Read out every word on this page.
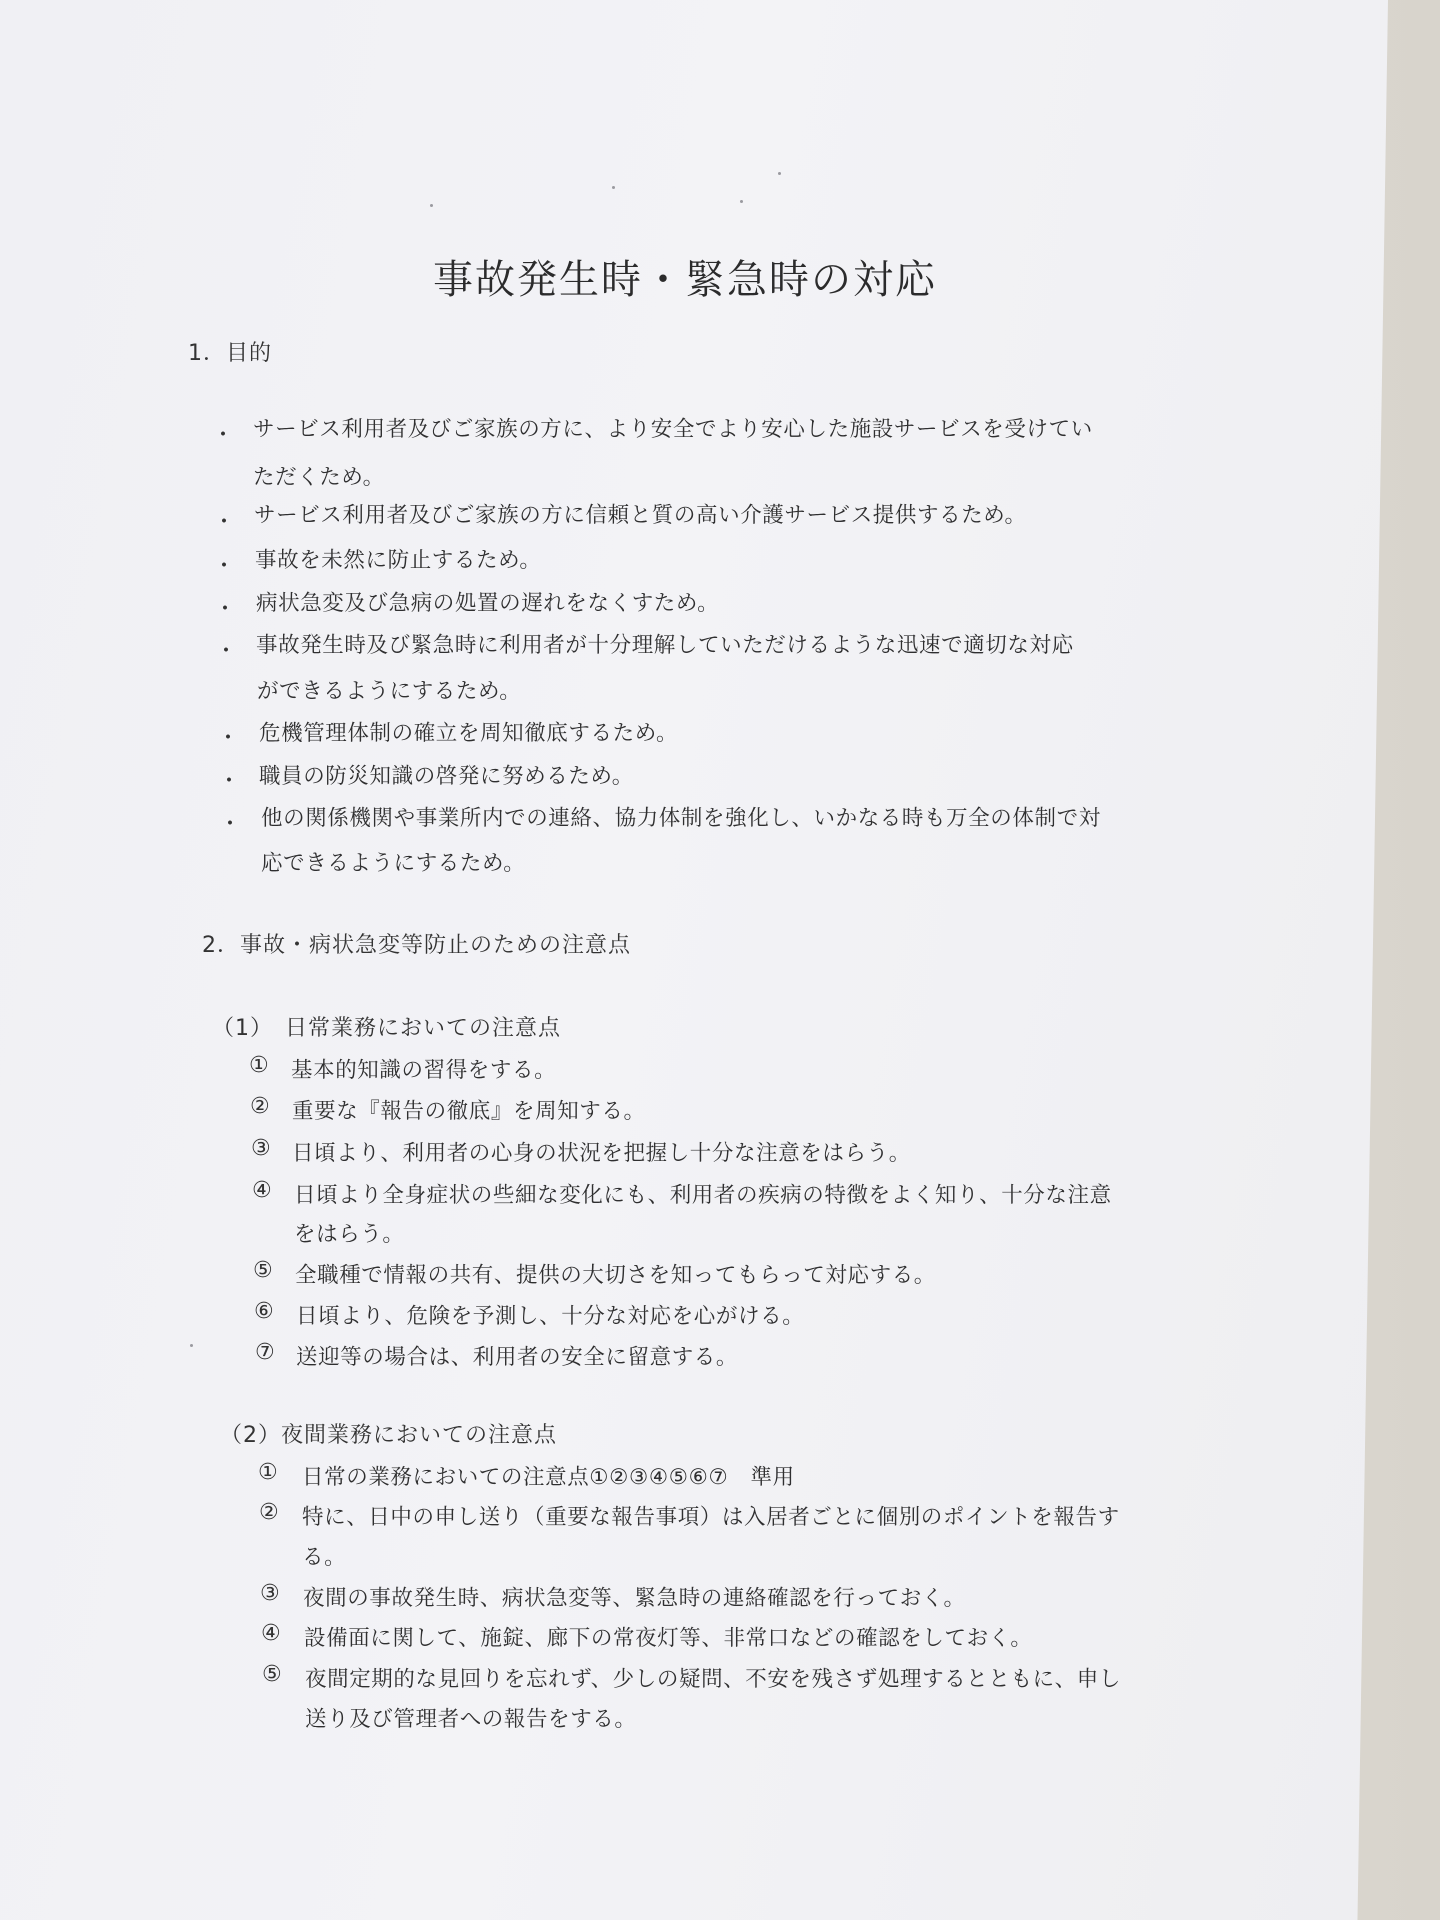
事故発生時・緊急時の対応
1．目的
・ サービス利用者及びご家族の方に、より安全でより安心した施設サービスを受けてい
ただくため。
・ サービス利用者及びご家族の方に信頼と質の高い介護サービス提供するため。
・ 事故を未然に防止するため。
・ 病状急変及び急病の処置の遅れをなくすため。
・ 事故発生時及び緊急時に利用者が十分理解していただけるような迅速で適切な対応
ができるようにするため。
・ 危機管理体制の確立を周知徹底するため。
・ 職員の防災知識の啓発に努めるため。
・ 他の関係機関や事業所内での連絡、協力体制を強化し、いかなる時も万全の体制で対
応できるようにするため。
2．事故・病状急変等防止のための注意点
（1）　日常業務においての注意点
① 基本的知識の習得をする。
② 重要な『報告の徹底』を周知する。
③ 日頃より、利用者の心身の状況を把握し十分な注意をはらう。
④ 日頃より全身症状の些細な変化にも、利用者の疾病の特徴をよく知り、十分な注意
をはらう。
⑤ 全職種で情報の共有、提供の大切さを知ってもらって対応する。
⑥ 日頃より、危険を予測し、十分な対応を心がける。
⑦ 送迎等の場合は、利用者の安全に留意する。
（2）夜間業務においての注意点
① 日常の業務においての注意点①②③④⑤⑥⑦　準用
② 特に、日中の申し送り（重要な報告事項）は入居者ごとに個別のポイントを報告す
る。
③ 夜間の事故発生時、病状急変等、緊急時の連絡確認を行っておく。
④ 設備面に関して、施錠、廊下の常夜灯等、非常口などの確認をしておく。
⑤ 夜間定期的な見回りを忘れず、少しの疑問、不安を残さず処理するとともに、申し
送り及び管理者への報告をする。
